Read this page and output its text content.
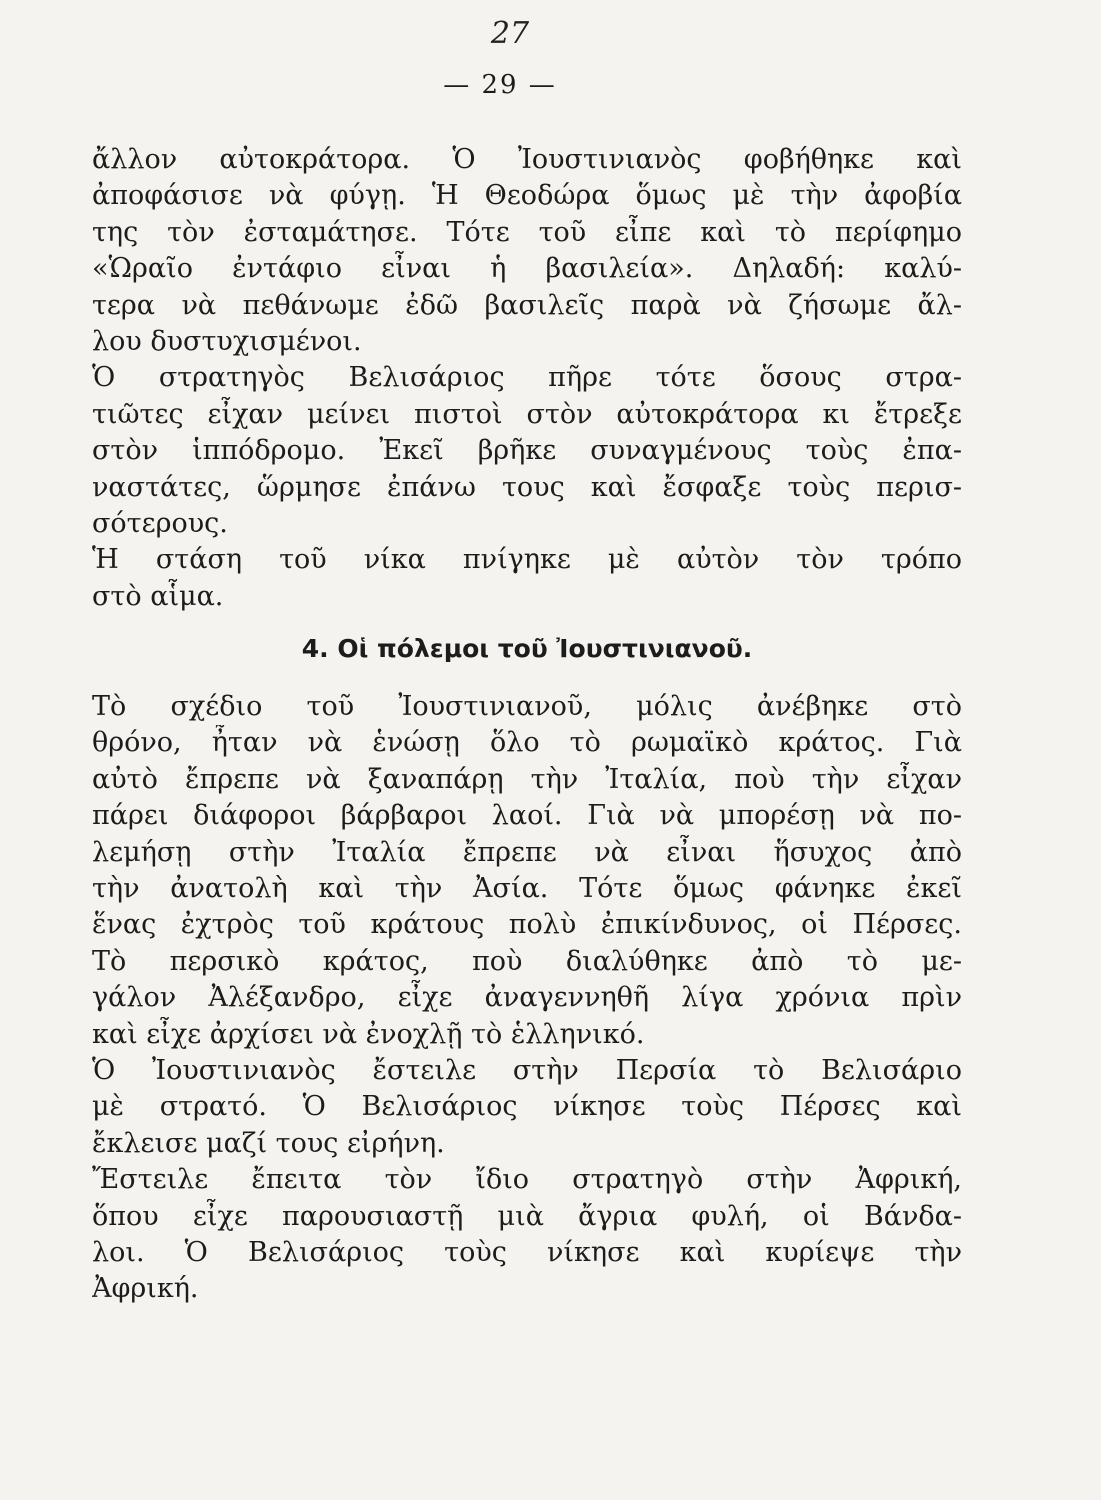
27
— 29 —
ἄλλον αὐτοκράτορα. Ὁ Ἰουστινιανὸς φοβήθηκε καὶ
ἀποφάσισε νὰ φύγῃ. Ἡ Θεοδώρα ὅμως μὲ τὴν ἀφοβία
της τὸν ἐσταμάτησε. Τότε τοῦ εἶπε καὶ τὸ περίφημο
«Ὡραῖο ἐντάφιο εἶναι ἡ βασιλεία». Δηλαδή: καλύ-
τερα νὰ πεθάνωμε ἐδῶ βασιλεῖς παρὰ νὰ ζήσωμε ἄλ-
λου δυστυχισμένοι.
Ὁ στρατηγὸς Βελισάριος πῆρε τότε ὅσους στρα-
τιῶτες εἶχαν μείνει πιστοὶ στὸν αὐτοκράτορα κι ἔτρεξε
στὸν ἱππόδρομο. Ἐκεῖ βρῆκε συναγμένους τοὺς ἐπα-
ναστάτες, ὥρμησε ἐπάνω τους καὶ ἔσφαξε τοὺς περισ-
σότερους.
Ἡ στάση τοῦ νίκα πνίγηκε μὲ αὐτὸν τὸν τρόπο
στὸ αἷμα.
4. Οἱ πόλεμοι τοῦ Ἰουστινιανοῦ.
Τὸ σχέδιο τοῦ Ἰουστινιανοῦ, μόλις ἀνέβηκε στὸ
θρόνο, ἦταν νὰ ἑνώσῃ ὅλο τὸ ρωμαϊκὸ κράτος. Γιὰ
αὐτὸ ἔπρεπε νὰ ξαναπάρῃ τὴν Ἰταλία, ποὺ τὴν εἶχαν
πάρει διάφοροι βάρβαροι λαοί. Γιὰ νὰ μπορέσῃ νὰ πο-
λεμήσῃ στὴν Ἰταλία ἔπρεπε νὰ εἶναι ἥσυχος ἀπὸ
τὴν ἀνατολὴ καὶ τὴν Ἀσία. Τότε ὅμως φάνηκε ἐκεῖ
ἕνας ἐχτρὸς τοῦ κράτους πολὺ ἐπικίνδυνος, οἱ Πέρσες.
Τὸ περσικὸ κράτος, ποὺ διαλύθηκε ἀπὸ τὸ με-
γάλον Ἀλέξανδρο, εἶχε ἀναγεννηθῆ λίγα χρόνια πρὶν
καὶ εἶχε ἀρχίσει νὰ ἐνοχλῇ τὸ ἑλληνικό.
Ὁ Ἰουστινιανὸς ἔστειλε στὴν Περσία τὸ Βελισάριο
μὲ στρατό. Ὁ Βελισάριος νίκησε τοὺς Πέρσες καὶ
ἔκλεισε μαζί τους εἰρήνη.
Ἔστειλε ἔπειτα τὸν ἴδιο στρατηγὸ στὴν Ἀφρική,
ὅπου εἶχε παρουσιαστῇ μιὰ ἄγρια φυλή, οἱ Βάνδα-
λοι. Ὁ Βελισάριος τοὺς νίκησε καὶ κυρίεψε τὴν
Ἀφρική.
